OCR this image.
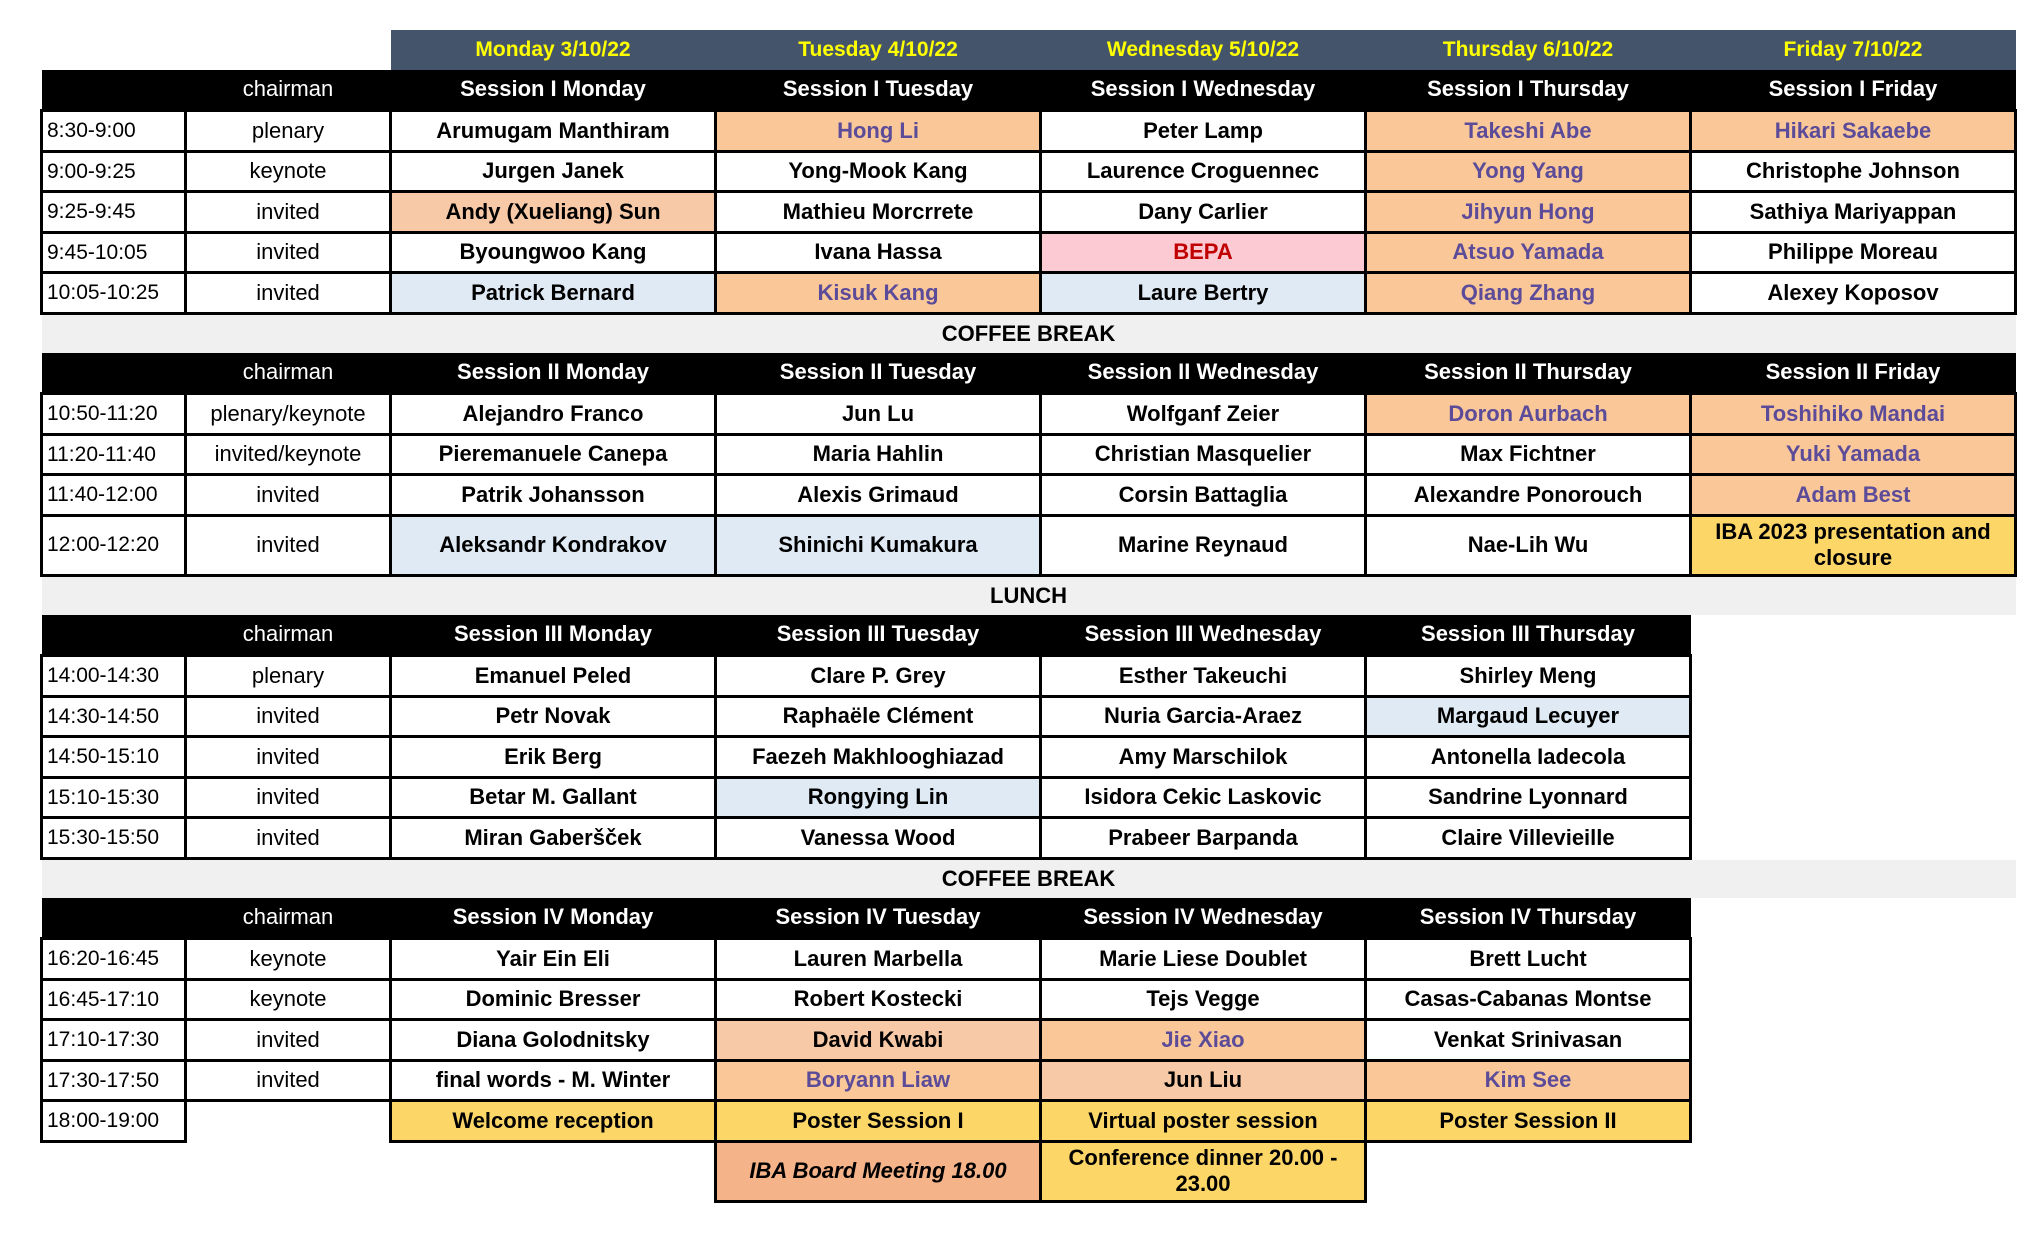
		Monday 3/10/22	Tuesday 4/10/22	Wednesday 5/10/22	Thursday 6/10/22	Friday 7/10/22
	chairman	Session I Monday	Session I Tuesday	Session I Wednesday	Session I Thursday	Session I Friday
8:30-9:00	plenary	Arumugam Manthiram	Hong Li	Peter Lamp	Takeshi Abe	Hikari Sakaebe
9:00-9:25	keynote	Jurgen Janek	Yong-Mook Kang	Laurence Croguennec	Yong Yang	Christophe Johnson
9:25-9:45	invited	Andy (Xueliang) Sun	Mathieu Morcrrete	Dany Carlier	Jihyun Hong	Sathiya Mariyappan
9:45-10:05	invited	Byoungwoo Kang	Ivana Hassa	BEPA	Atsuo Yamada	Philippe Moreau
10:05-10:25	invited	Patrick Bernard	Kisuk Kang	Laure Bertry	Qiang Zhang	Alexey Koposov
COFFEE BREAK						
	chairman	Session II Monday	Session II Tuesday	Session II Wednesday	Session II Thursday	Session II Friday
10:50-11:20	plenary/keynote	Alejandro Franco	Jun Lu	Wolfganf Zeier	Doron Aurbach	Toshihiko Mandai
11:20-11:40	invited/keynote	Pieremanuele Canepa	Maria Hahlin	Christian Masquelier	Max Fichtner	Yuki Yamada
11:40-12:00	invited	Patrik Johansson	Alexis Grimaud	Corsin Battaglia	Alexandre Ponorouch	Adam Best
12:00-12:20	invited	Aleksandr Kondrakov	Shinichi Kumakura	Marine Reynaud	Nae-Lih Wu	IBA 2023 presentation and closure
LUNCH						
	chairman	Session III Monday	Session III Tuesday	Session III Wednesday	Session III Thursday	
14:00-14:30	plenary	Emanuel Peled	Clare P. Grey	Esther Takeuchi	Shirley Meng	
14:30-14:50	invited	Petr Novak	Raphaële Clément	Nuria Garcia-Araez	Margaud Lecuyer	
14:50-15:10	invited	Erik Berg	Faezeh Makhlooghiazad	Amy Marschilok	Antonella Iadecola	
15:10-15:30	invited	Betar M. Gallant	Rongying Lin	Isidora Cekic Laskovic	Sandrine Lyonnard	
15:30-15:50	invited	Miran Gaberšček	Vanessa Wood	Prabeer Barpanda	Claire Villevieille	
COFFEE BREAK						
	chairman	Session IV Monday	Session IV Tuesday	Session IV Wednesday	Session IV Thursday	
16:20-16:45	keynote	Yair Ein Eli	Lauren Marbella	Marie Liese Doublet	Brett Lucht	
16:45-17:10	keynote	Dominic Bresser	Robert Kostecki	Tejs Vegge	Casas-Cabanas Montse	
17:10-17:30	invited	Diana Golodnitsky	David Kwabi	Jie Xiao	Venkat Srinivasan	
17:30-17:50	invited	final words - M. Winter	Boryann Liaw	Jun Liu	Kim See	
18:00-19:00		Welcome reception	Poster Session I	Virtual poster session	Poster Session II	
			IBA Board Meeting 18.00	Conference dinner 20.00 - 23.00		
